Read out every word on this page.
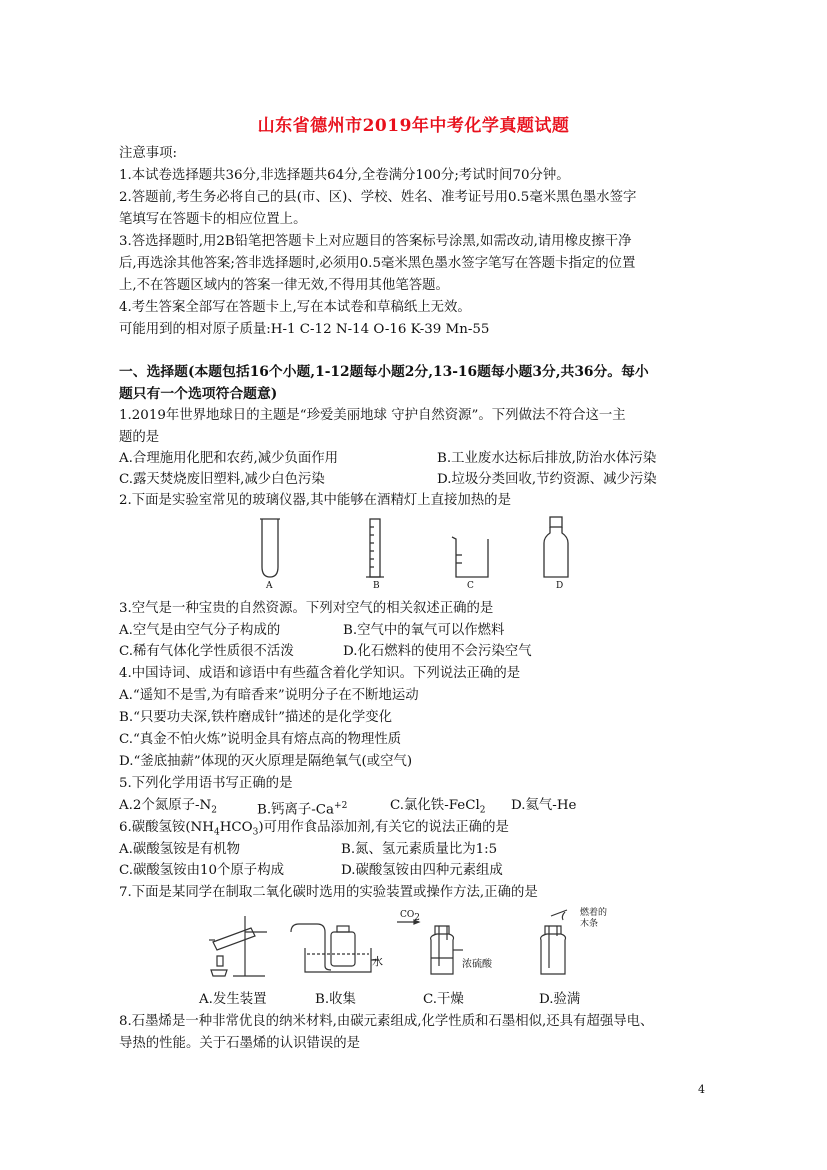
山东省德州市2019年中考化学真题试题
注意事项:
1.本试卷选择题共36分,非选择题共64分,全卷满分100分;考试时间70分钟。
2.答题前,考生务必将自己的县(市、区)、学校、姓名、准考证号用0.5毫米黑色墨水签字
笔填写在答题卡的相应位置上。
3.答选择题时,用2B铅笔把答题卡上对应题目的答案标号涂黑,如需改动,请用橡皮擦干净
后,再选涂其他答案;答非选择题时,必须用0.5毫米黑色墨水签字笔写在答题卡指定的位置
上,不在答题区域内的答案一律无效,不得用其他笔答题。
4.考生答案全部写在答题卡上,写在本试卷和草稿纸上无效。
可能用到的相对原子质量:H-1 C-12 N-14 O-16 K-39 Mn-55
一、选择题(本题包括16个小题,1-12题每小题2分,13-16题每小题3分,共36分。每小
题只有一个选项符合题意)
1.2019年世界地球日的主题是“珍爱美丽地球 守护自然资源”。下列做法不符合这一主
题的是
A.合理施用化肥和农药,减少负面作用	B.工业废水达标后排放,防治水体污染
C.露天焚烧废旧塑料,减少白色污染	D.垃圾分类回收,节约资源、减少污染
2.下面是实验室常见的玻璃仪器,其中能够在酒精灯上直接加热的是
A	B	C	D
3.空气是一种宝贵的自然资源。下列对空气的相关叙述正确的是
A.空气是由空气分子构成的	B.空气中的氧气可以作燃料
C.稀有气体化学性质很不活泼	D.化石燃料的使用不会污染空气
4.中国诗词、成语和谚语中有些蕴含着化学知识。下列说法正确的是
A.“遥知不是雪,为有暗香来”说明分子在不断地运动
B.“只要功夫深,铁杵磨成针”描述的是化学变化
C.“真金不怕火炼”说明金具有熔点高的物理性质
D.“釜底抽薪”体现的灭火原理是隔绝氧气(或空气)
5.下列化学用语书写正确的是
A.2个氮原子$-N_2$	B.钙离子$-Ca^{+2}$	C.氯化铁-FeCl$_2$ D.氦气-He
6.碳酸氢铵$(NH_4HCO_3)$可用作食品添加剂,有关它的说法正确的是
A.碳酸氢铵是有机物	B.氮、氢元素质量比为1:5
C.碳酸氢铵由10个原子构成	D.碳酸氢铵由四种元素组成
7.下面是某同学在制取二氧化碳时选用的实验装置或操作方法,正确的是
水
$CO_2$
浓硫酸
燃着的
木条
A.发生装置	B.收集	C.干燥	D.验满
8.石墨烯是一种非常优良的纳米材料,由碳元素组成,化学性质和石墨相似,还具有超强导电、
导热的性能。关于石墨烯的认识错误的是
4
